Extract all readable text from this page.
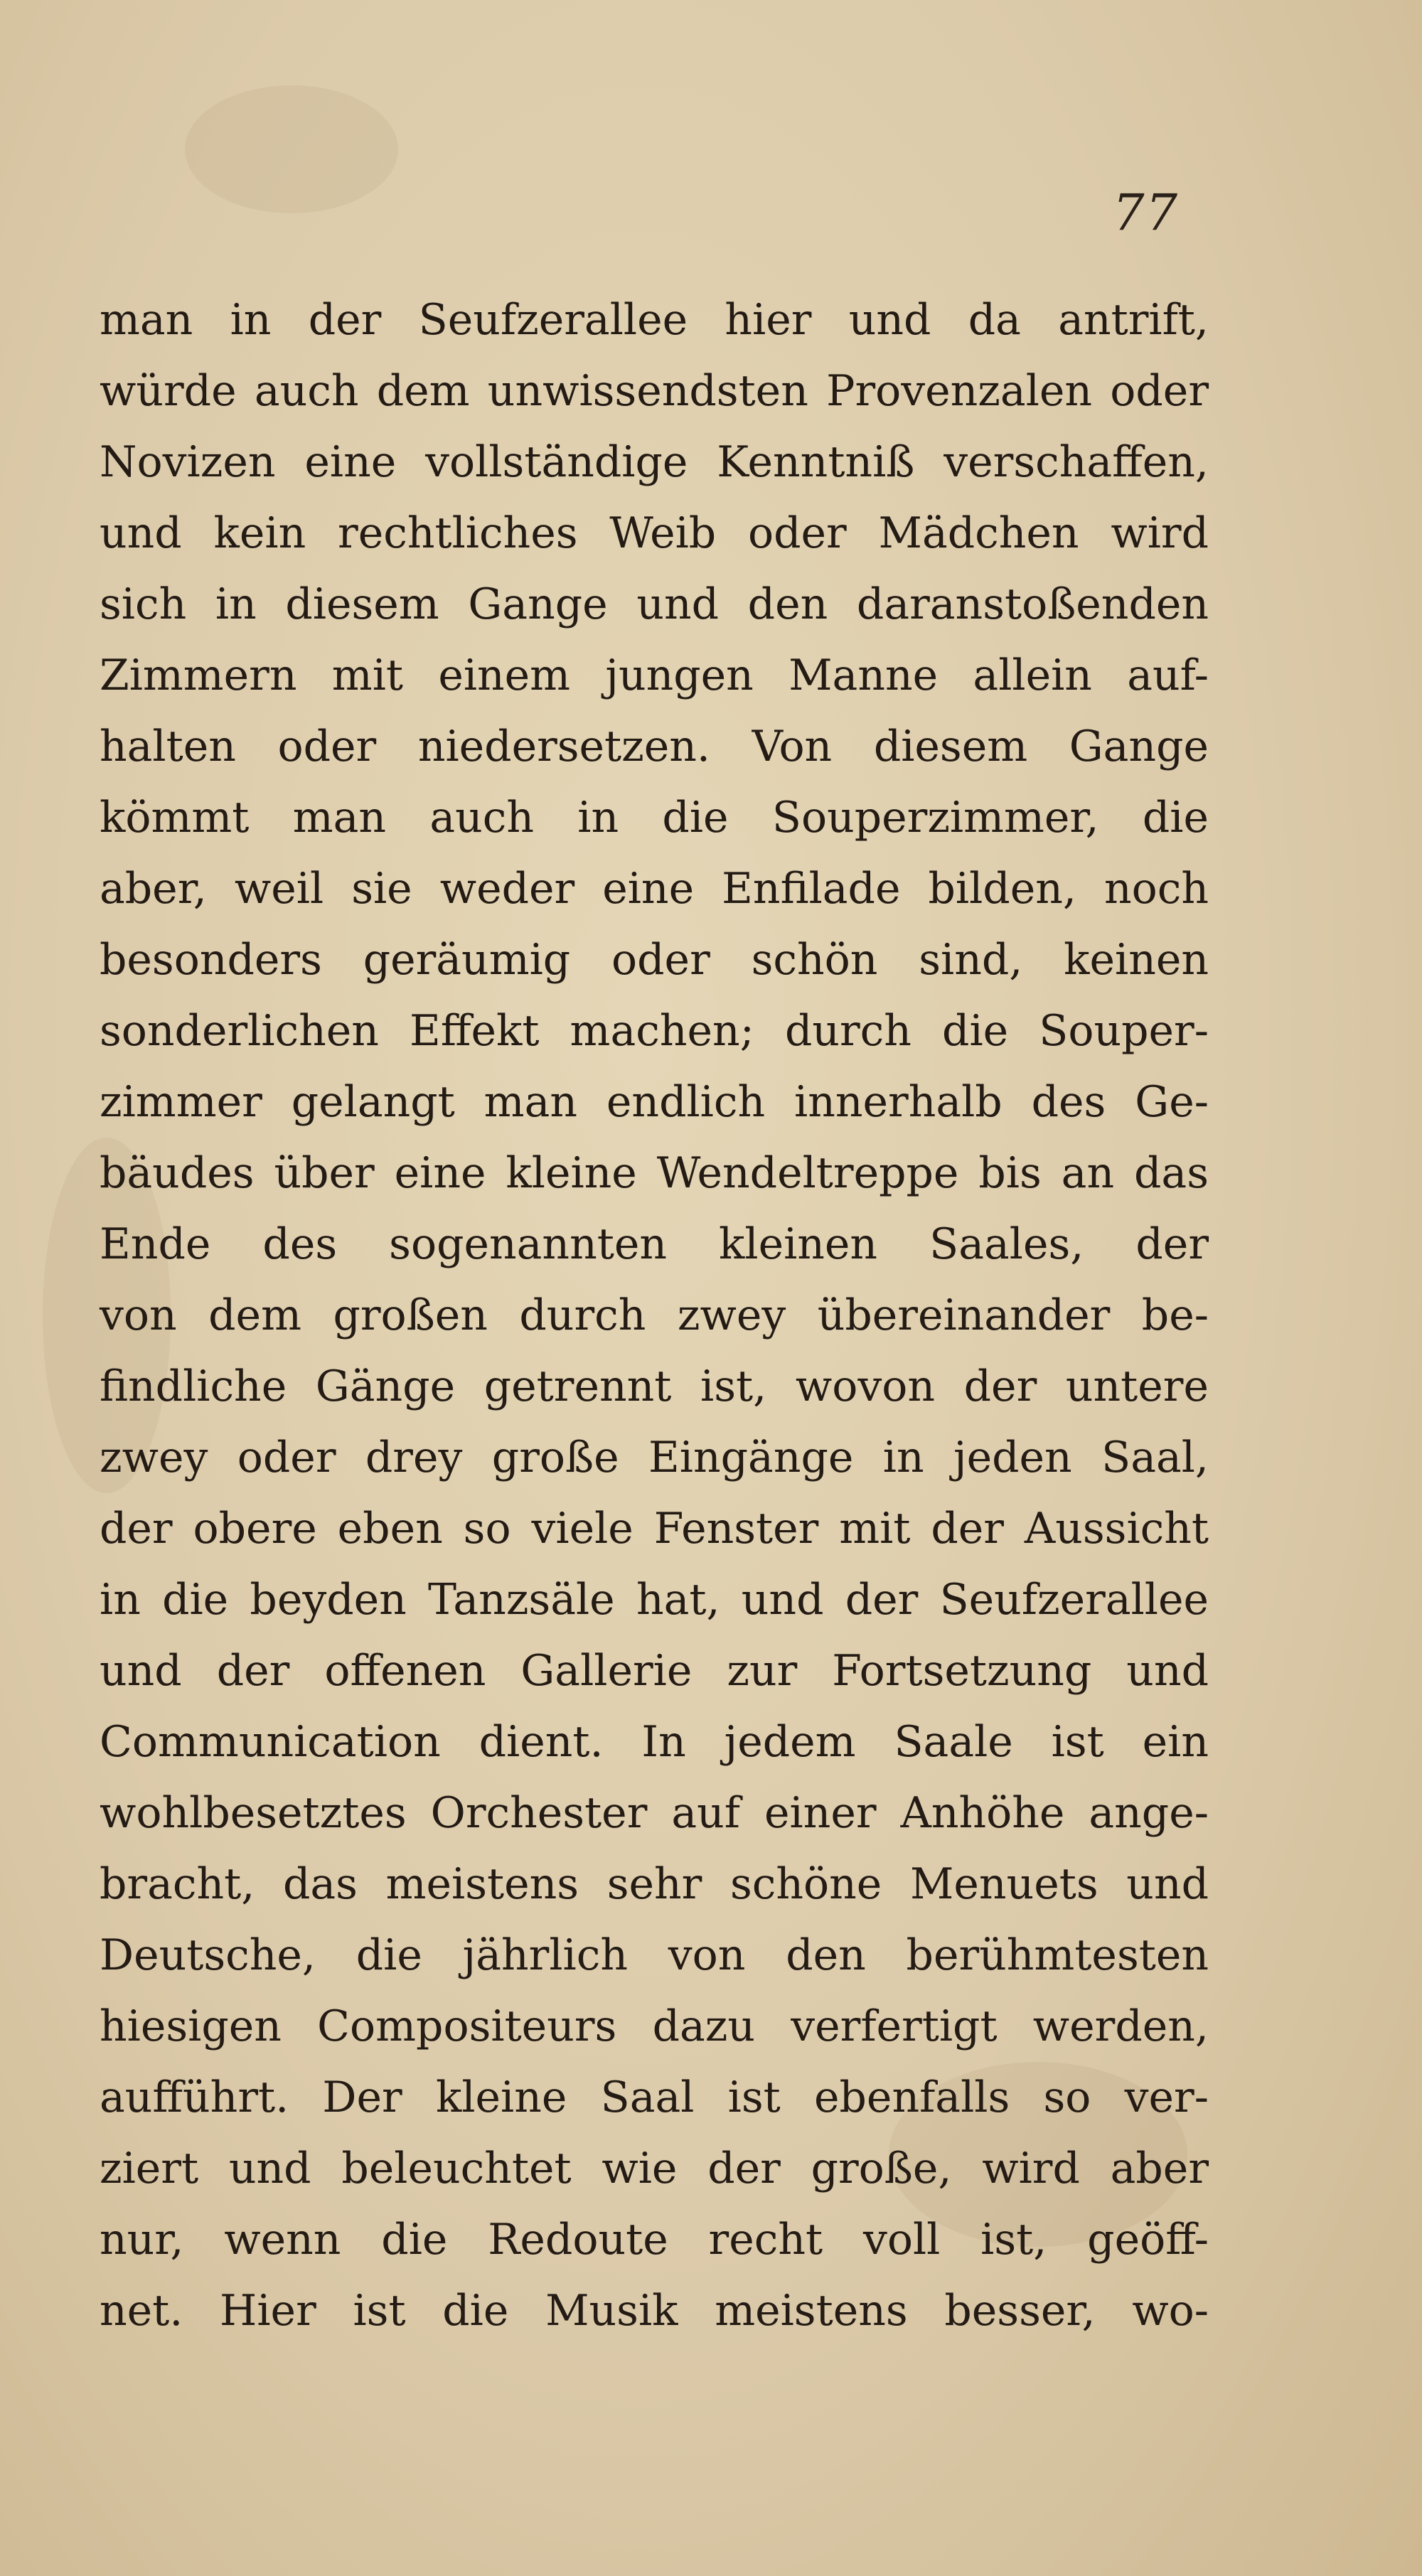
77
man in der Seufzerallee hier und da antrift,
würde auch dem unwissendsten Provenzalen oder
Novizen eine vollständige Kenntniß verschaffen,
und kein rechtliches Weib oder Mädchen wird
sich in diesem Gange und den daranstoßenden
Zimmern mit einem jungen Manne allein auf-
halten oder niedersetzen. Von diesem Gange
kömmt man auch in die Souperzimmer, die
aber, weil sie weder eine Enfilade bilden, noch
besonders geräumig oder schön sind, keinen
sonderlichen Effekt machen; durch die Souper-
zimmer gelangt man endlich innerhalb des Ge-
bäudes über eine kleine Wendeltreppe bis an das
Ende des sogenannten kleinen Saales, der
von dem großen durch zwey übereinander be-
findliche Gänge getrennt ist, wovon der untere
zwey oder drey große Eingänge in jeden Saal,
der obere eben so viele Fenster mit der Aussicht
in die beyden Tanzsäle hat, und der Seufzerallee
und der offenen Gallerie zur Fortsetzung und
Communication dient. In jedem Saale ist ein
wohlbesetztes Orchester auf einer Anhöhe ange-
bracht, das meistens sehr schöne Menuets und
Deutsche, die jährlich von den berühmtesten
hiesigen Compositeurs dazu verfertigt werden,
aufführt. Der kleine Saal ist ebenfalls so ver-
ziert und beleuchtet wie der große, wird aber
nur, wenn die Redoute recht voll ist, geöff-
net. Hier ist die Musik meistens besser, wo-
